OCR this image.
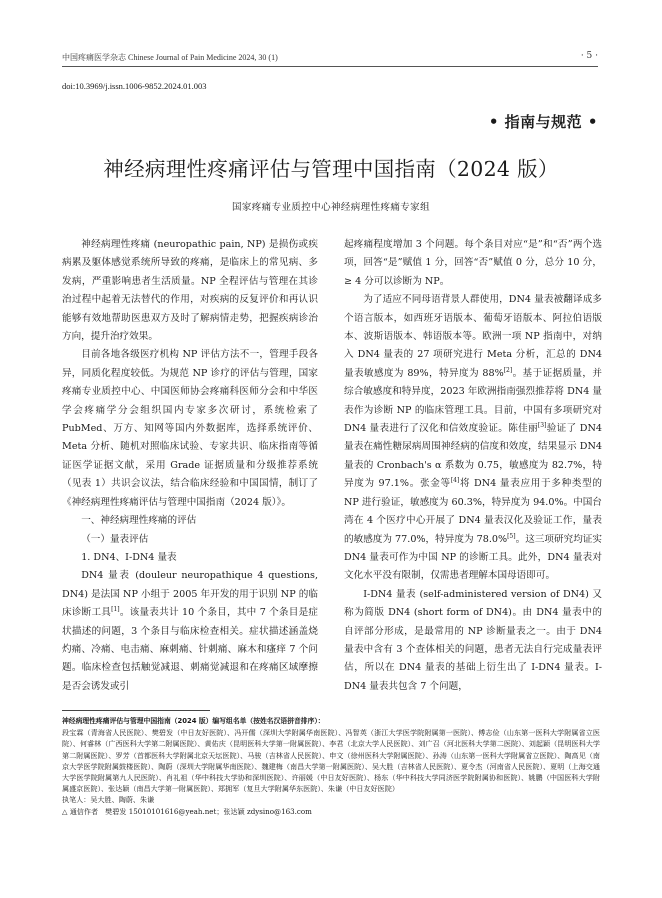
中国疼痛医学杂志 Chinese Journal of Pain Medicine 2024, 30 (1)	· 5 ·
doi:10.3969/j.issn.1006-9852.2024.01.003
• 指南与规范 •
神经病理性疼痛评估与管理中国指南（2024 版）
国家疼痛专业质控中心神经病理性疼痛专家组

神经病理性疼痛 (neuropathic pain, NP) 是损伤或疾病累及躯体感觉系统所导致的疼痛，是临床上的常见病、多发病，严重影响患者生活质量。NP 全程评估与管理在其诊治过程中起着无法替代的作用，对疾病的反复评价和再认识能够有效地帮助医患双方及时了解病情走势，把握疾病诊治方向，提升治疗效果。

目前各地各级医疗机构 NP 评估方法不一，管理手段各异，同质化程度较低。为规范 NP 诊疗的评估与管理，国家疼痛专业质控中心、中国医师协会疼痛科医师分会和中华医学会疼痛学分会组织国内专家多次研讨，系统检索了 PubMed、万方、知网等国内外数据库，选择系统评价、Meta 分析、随机对照临床试验、专家共识、临床指南等循证医学证据文献，采用 Grade 证据质量和分级推荐系统（见表 1）共识会议法，结合临床经验和中国国情，制订了《神经病理性疼痛评估与管理中国指南（2024 版）》。

一、神经病理性疼痛的评估

（一）量表评估

1. DN4、I-DN4 量表

DN4 量表 (douleur neuropathique 4 questions, DN4) 是法国 NP 小组于 2005 年开发的用于识别 NP 的临床诊断工具[1]。该量表共计 10 个条目，其中 7 个条目是症状描述的问题，3 个条目与临床检查相关。症状描述涵盖烧灼痛、冷痛、电击痛、麻刺痛、针刺痛、麻木和瘙痒 7 个问题。临床检查包括触觉减退、刺痛觉减退和在疼痛区域摩擦是否会诱发或引

起疼痛程度增加 3 个问题。每个条目对应“是”和“否”两个选项，回答“是”赋值 1 分，回答“否”赋值 0 分，总分 10 分，≥ 4 分可以诊断为 NP。

为了适应不同母语背景人群使用，DN4 量表被翻译成多个语言版本，如西班牙语版本、葡萄牙语版本、阿拉伯语版本、波斯语版本、韩语版本等。欧洲一项 NP 指南中，对纳入 DN4 量表的 27 项研究进行 Meta 分析，汇总的 DN4 量表敏感度为 89%，特异度为 88%[2]。基于证据质量，并综合敏感度和特异度，2023 年欧洲指南强烈推荐将 DN4 量表作为诊断 NP 的临床管理工具。目前，中国有多项研究对 DN4 量表进行了汉化和信效度验证。陈佳丽[3]验证了 DN4 量表在痛性糖尿病周围神经病的信度和效度，结果显示 DN4 量表的 Cronbach's α 系数为 0.75，敏感度为 82.7%，特异度为 97.1%。张金等[4]将 DN4 量表应用于多种类型的 NP 进行验证，敏感度为 60.3%，特异度为 94.0%。中国台湾在 4 个医疗中心开展了 DN4 量表汉化及验证工作，量表的敏感度为 77.0%，特异度为 78.0%[5]。这三项研究均证实 DN4 量表可作为中国 NP 的诊断工具。此外，DN4 量表对文化水平没有限制，仅需患者理解本国母语即可。

I-DN4 量表 (self-administered version of DN4) 又称为简版 DN4 (short form of DN4)。由 DN4 量表中的自评部分形成，是最常用的 NP 诊断量表之一。由于 DN4 量表中含有 3 个查体相关的问题，患者无法自行完成量表评估，所以在 DN4 量表的基础上衍生出了 I-DN4 量表。I-DN4 量表共包含 7 个问题，

神经病理性疼痛评估与管理中国指南（2024 版）编写组名单（按姓名汉语拼音排序）：

段宝霖（青海省人民医院）、樊碧发（中日友好医院）、冯开儒（深圳大学附属华南医院）、冯智英（浙江大学医学院附属第一医院）、傅志俭（山东第一医科大学附属省立医院）、何睿林（广西医科大学第二附属医院）、黄佑庆（昆明医科大学第一附属医院）、李君（北京大学人民医院）、刘广召（河北医科大学第二医院）、刘起颖（昆明医科大学第二附属医院）、罗芳（首都医科大学附属北京天坛医院）、马骏（吉林省人民医院）、申文（徐州医科大学附属医院）、孙涛（山东第一医科大学附属省立医院）、陶高见（南京大学医学院附属鼓楼医院）、陶蔚（深圳大学附属华南医院）、魏建梅（南昌大学第一附属医院）、吴大胜（吉林省人民医院）、夏令杰（河南省人民医院）、夏明（上海交通大学医学院附属第九人民医院）、肖礼祖（华中科技大学协和深圳医院）、许丽媛（中日友好医院）、杨东（华中科技大学同济医学院附属协和医院）、姚鹏（中国医科大学附属盛京医院）、张达颖（南昌大学第一附属医院）、郑拥军（复旦大学附属华东医院）、朱谦（中日友好医院）

执笔人：吴大胜、陶蔚、朱谦

△ 通信作者　樊碧发 15010101616@yeah.net；张达颖 zdysino@163.com
